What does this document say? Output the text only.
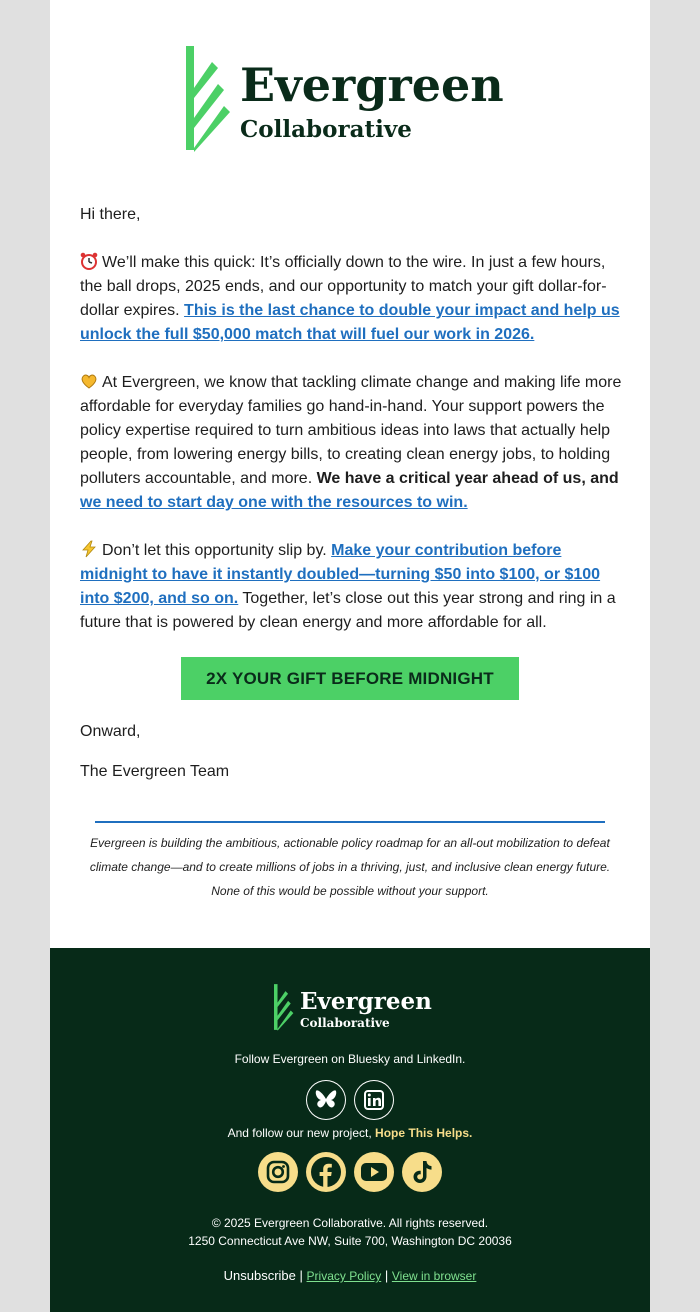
Evergreen
Collaborative

Hi there,

We’ll make this quick: It’s officially down to the wire. In just a few hours, the ball drops, 2025 ends, and our opportunity to match your gift dollar-for-dollar expires. This is the last chance to double your impact and help us unlock the full $50,000 match that will fuel our work in 2026.

At Evergreen, we know that tackling climate change and making life more affordable for everyday families go hand-in-hand. Your support powers the policy expertise required to turn ambitious ideas into laws that actually help people, from lowering energy bills, to creating clean energy jobs, to holding polluters accountable, and more. We have a critical year ahead of us, and we need to start day one with the resources to win.

Don’t let this opportunity slip by. Make your contribution before midnight to have it instantly doubled—turning $50 into $100, or $100 into $200, and so on. Together, let’s close out this year strong and ring in a future that is powered by clean energy and more affordable for all.

2X YOUR GIFT BEFORE MIDNIGHT
Onward,
The Evergreen Team
Evergreen is building the ambitious, actionable policy roadmap for an all-out mobilization to defeat climate change—and to create millions of jobs in a thriving, just, and inclusive clean energy future. None of this would be possible without your support.
Evergreen
Collaborative
Follow Evergreen on Bluesky and LinkedIn.
And follow our new project, Hope This Helps.
© 2025 Evergreen Collaborative. All rights reserved.
1250 Connecticut Ave NW, Suite 700, Washington DC 20036
Unsubscribe | Privacy Policy | View in browser
